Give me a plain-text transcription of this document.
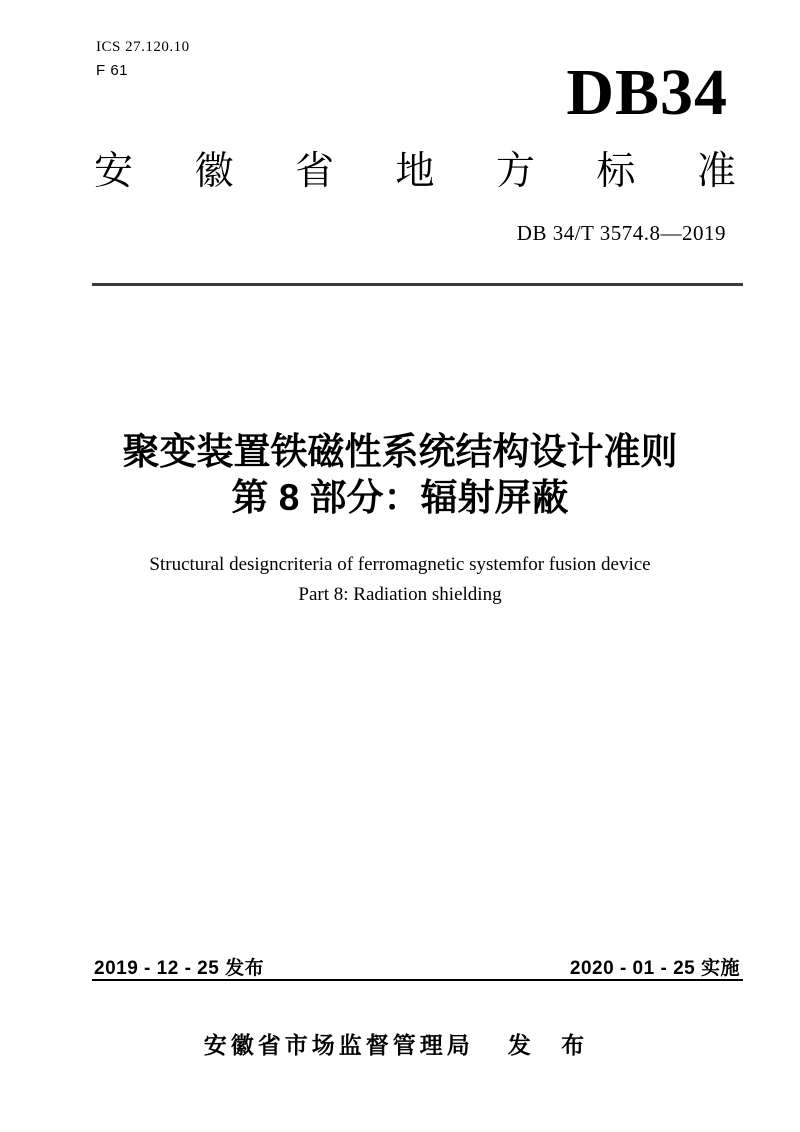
ICS 27.120.10
F 61	DB34
安 徽 省 地 方 标 准
DB 34/T 3574.8—2019
聚变装置铁磁性系统结构设计准则
第 8 部分：辐射屏蔽
Structural designcriteria of ferromagnetic systemfor fusion device
Part 8: Radiation shielding
2019 - 12 - 25 发布	2020 - 01 - 25 实施
安徽省市场监督管理局 发 布
